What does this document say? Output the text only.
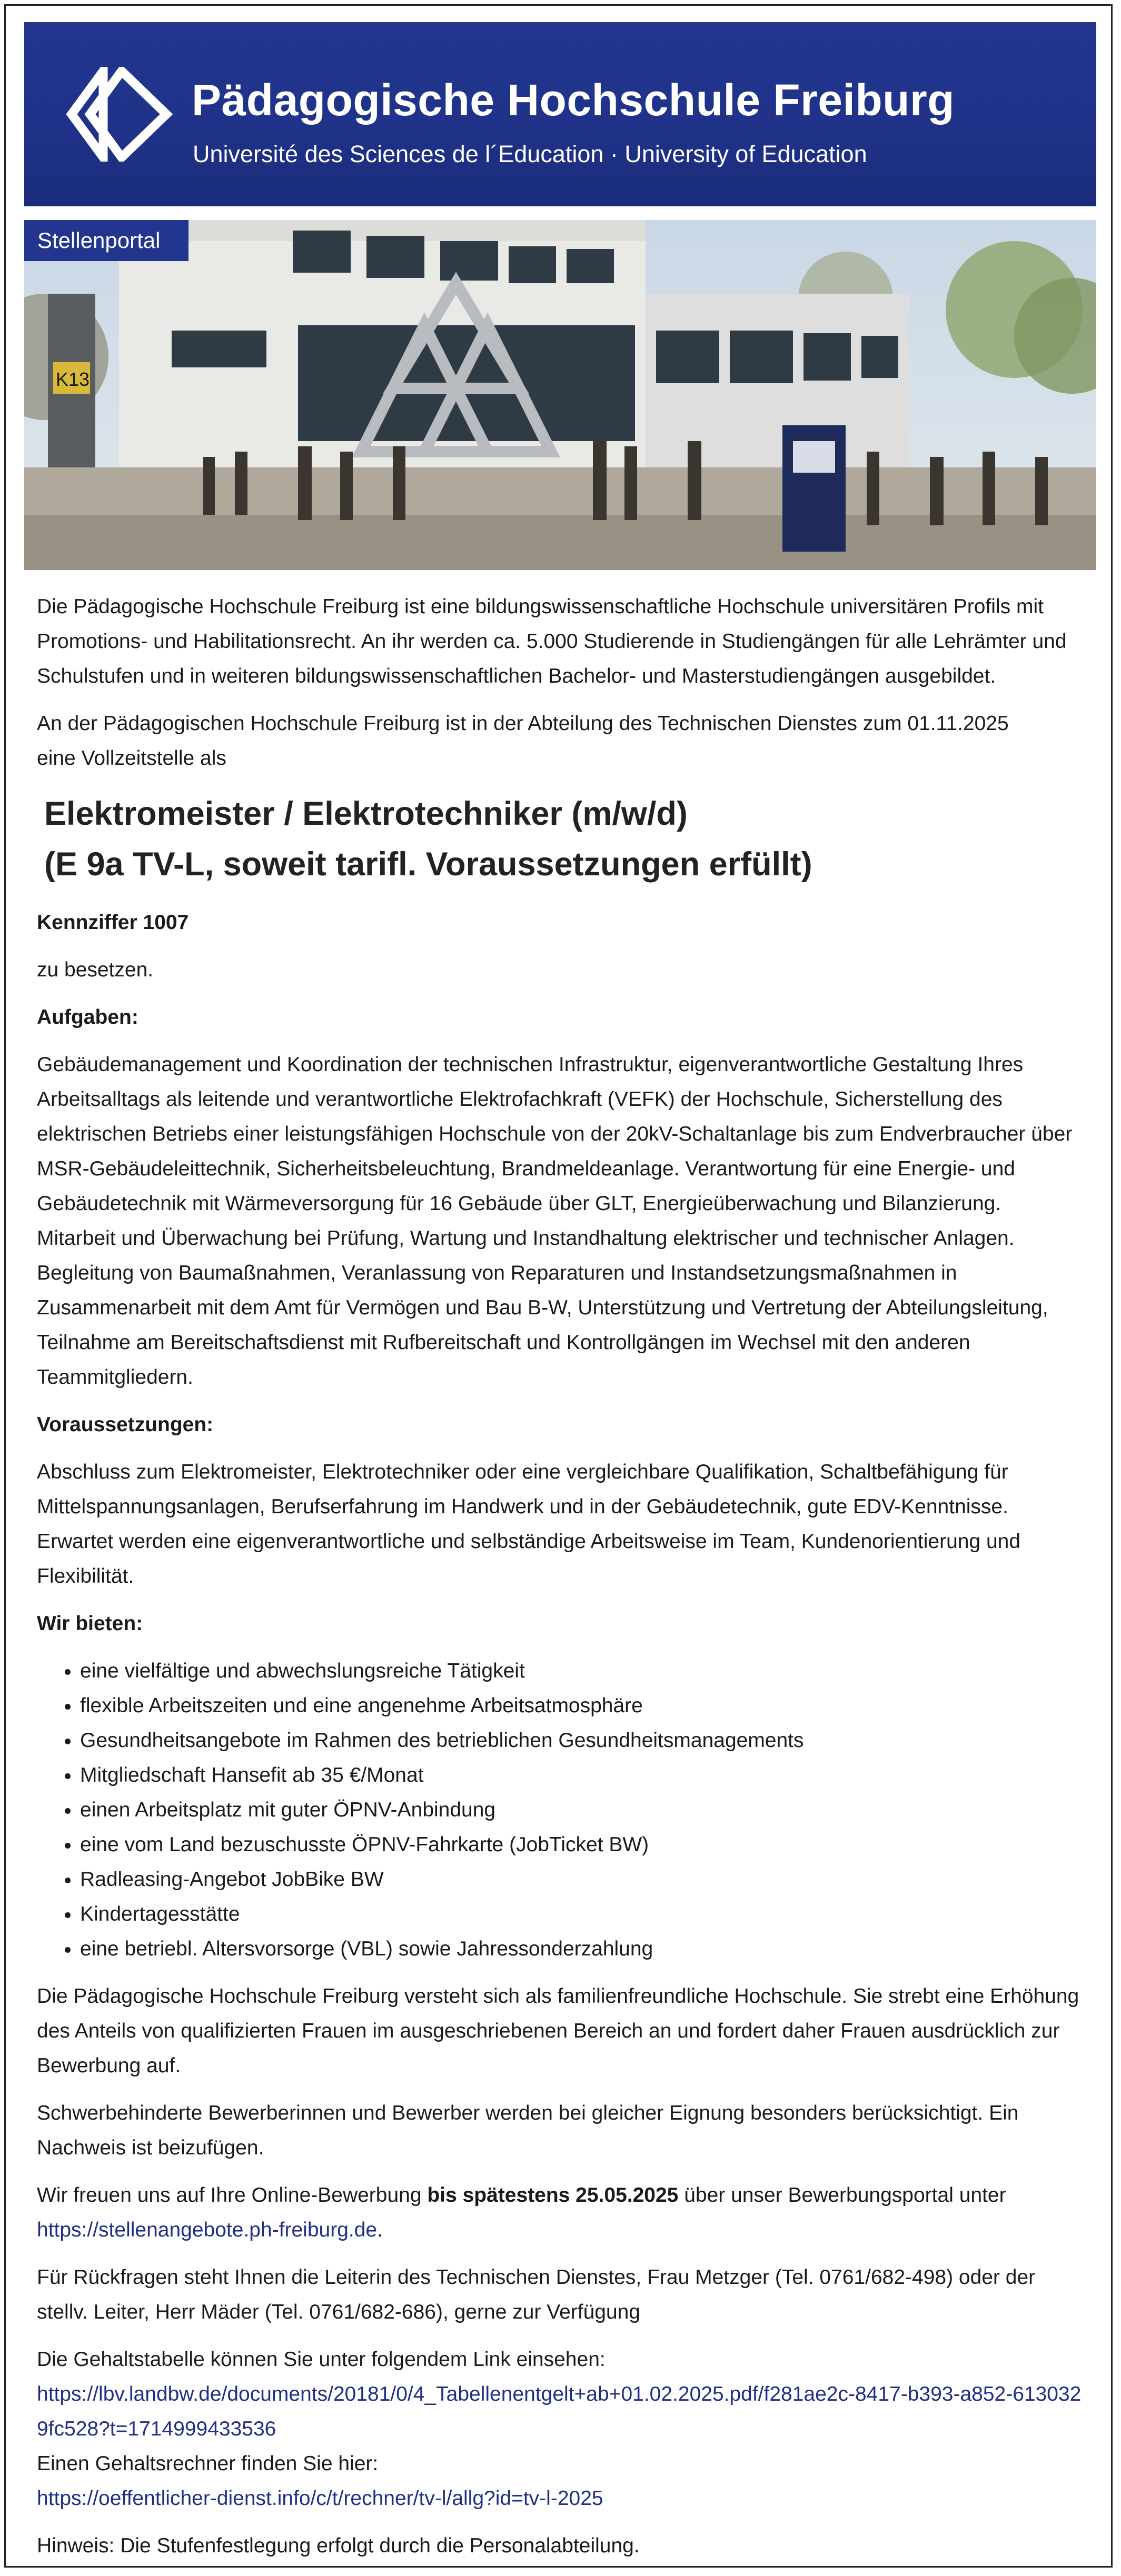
Pädagogische Hochschule Freiburg
Université des Sciences de l´Education · University of Education
K13
Stellenportal

Die Pädagogische Hochschule Freiburg ist eine bildungswissenschaftliche Hochschule universitären Profils mit Promotions- und Habilitationsrecht. An ihr werden ca. 5.000 Studierende in Studiengängen für alle Lehrämter und Schulstufen und in weiteren bildungswissenschaftlichen Bachelor- und Masterstudiengängen ausgebildet.

An der Pädagogischen Hochschule Freiburg ist in der Abteilung des Technischen Dienstes zum 01.11.2025
eine Vollzeitstelle als

Elektromeister / Elektrotechniker (m/w/d)
(E 9a TV-L, soweit tarifl. Voraussetzungen erfüllt)

Kennziffer 1007

zu besetzen.

Aufgaben:

Gebäudemanagement und Koordination der technischen Infrastruktur, eigenverantwortliche Gestaltung Ihres Arbeitsalltags als leitende und verantwortliche Elektrofachkraft (VEFK) der Hochschule, Sicherstellung des elektrischen Betriebs einer leistungsfähigen Hochschule von der 20kV-Schaltanlage bis zum Endverbraucher über MSR-Gebäudeleittechnik, Sicherheitsbeleuchtung, Brandmeldeanlage. Verantwortung für eine Energie- und Gebäudetechnik mit Wärmeversorgung für 16 Gebäude über GLT, Energieüberwachung und Bilanzierung. Mitarbeit und Überwachung bei Prüfung, Wartung und Instandhaltung elektrischer und technischer Anlagen. Begleitung von Baumaßnahmen, Veranlassung von Reparaturen und Instandsetzungsmaßnahmen in Zusammenarbeit mit dem Amt für Vermögen und Bau B-W, Unterstützung und Vertretung der Abteilungsleitung, Teilnahme am Bereitschaftsdienst mit Rufbereitschaft und Kontrollgängen im Wechsel mit den anderen Teammitgliedern.

Voraussetzungen:

Abschluss zum Elektromeister, Elektrotechniker oder eine vergleichbare Qualifikation, Schaltbefähigung für Mittelspannungsanlagen, Berufserfahrung im Handwerk und in der Gebäudetechnik, gute EDV-Kenntnisse. Erwartet werden eine eigenverantwortliche und selbständige Arbeitsweise im Team, Kundenorientierung und Flexibilität.

Wir bieten:

• eine vielfältige und abwechslungsreiche Tätigkeit
• flexible Arbeitszeiten und eine angenehme Arbeitsatmosphäre
• Gesundheitsangebote im Rahmen des betrieblichen Gesundheitsmanagements
• Mitgliedschaft Hansefit ab 35 €/Monat
• einen Arbeitsplatz mit guter ÖPNV-Anbindung
• eine vom Land bezuschusste ÖPNV-Fahrkarte (JobTicket BW)
• Radleasing-Angebot JobBike BW
• Kindertagesstätte
• eine betriebl. Altersvorsorge (VBL) sowie Jahressonderzahlung

Die Pädagogische Hochschule Freiburg versteht sich als familienfreundliche Hochschule. Sie strebt eine Erhöhung des Anteils von qualifizierten Frauen im ausgeschriebenen Bereich an und fordert daher Frauen ausdrücklich zur Bewerbung auf.

Schwerbehinderte Bewerberinnen und Bewerber werden bei gleicher Eignung besonders berücksichtigt. Ein Nachweis ist beizufügen.

Wir freuen uns auf Ihre Online-Bewerbung bis spätestens 25.05.2025 über unser Bewerbungsportal unter
https://stellenangebote.ph-freiburg.de.

Für Rückfragen steht Ihnen die Leiterin des Technischen Dienstes, Frau Metzger (Tel. 0761/682-498) oder der stellv. Leiter, Herr Mäder (Tel. 0761/682-686), gerne zur Verfügung

Die Gehaltstabelle können Sie unter folgendem Link einsehen:
https://lbv.landbw.de/documents/20181/0/4_Tabellenentgelt+ab+01.02.2025.pdf/f281ae2c-8417-b393-a852-6130329fc528?t=1714999433536
Einen Gehaltsrechner finden Sie hier:
https://oeffentlicher-dienst.info/c/t/rechner/tv-l/allg?id=tv-l-2025

Hinweis: Die Stufenfestlegung erfolgt durch die Personalabteilung.
